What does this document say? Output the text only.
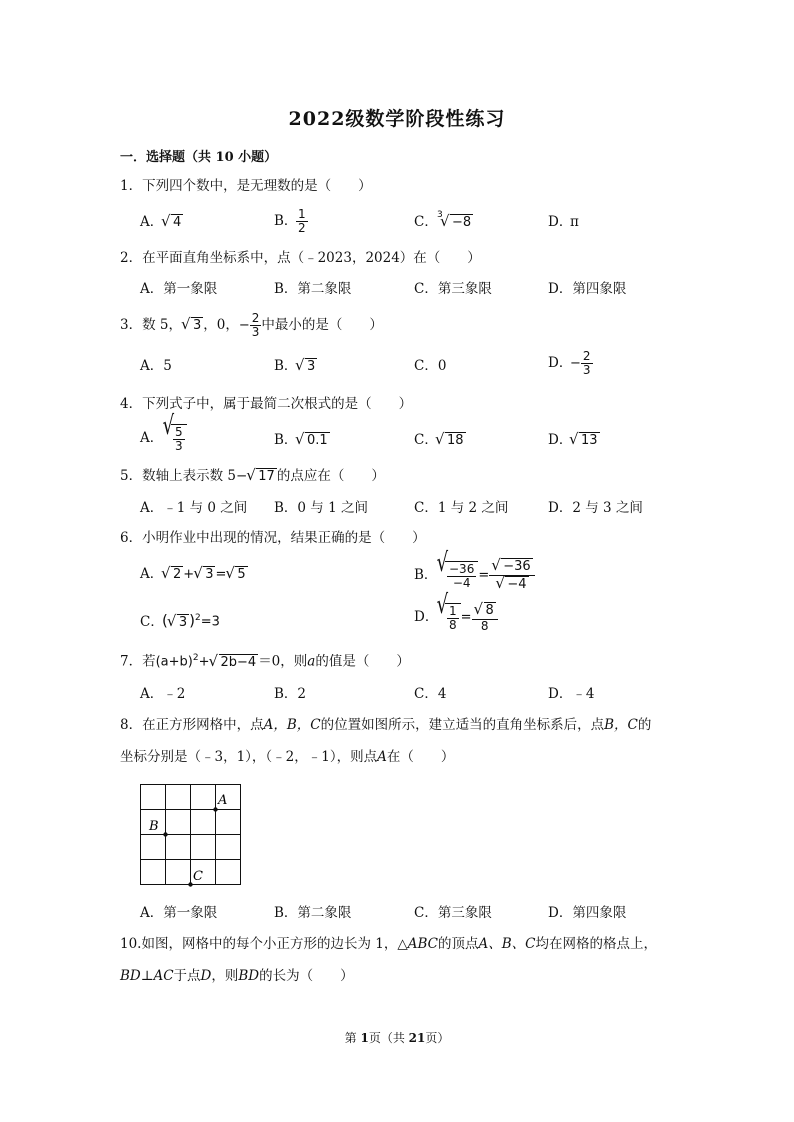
2022级数学阶段性练习
一．选择题（共 10 小题）
1．下列四个数中，是无理数的是（　　）
A．√ 4	B．
$\frac{1}{2}$	C．
√ 3 −8	D．π
2．在平面直角坐标系中，点（﹣2023，2024）在（　　）
A．第一象限	B．第二象限	C．第三象限	D．第四象限
3．数 5，√ 3 ，0，− $\frac{2}{3}$ 中最小的是（　　）
A．5	B．√ 3	C．0	D．− $\frac{2}{3}$
4．下列式子中，属于最简二次根式的是（　　）
A．
√ $\frac{5}{3}$	B．√ 0.1	C．√ 18	D．√ 13
5．数轴上表示数 5−√ 17 的点应在（　　）
A．﹣1 与 0 之间 B．0 与 1 之间	C．1 与 2 之间	D．2 与 3 之间
6．小明作业中出现的情况，结果正确的是（　　）
A．√ 2 +√ 3 =√ 5	B．
√ $\frac{-36}{-4}$ =
√ −36
√ −4
C．(√ 3 )$^2$=3	D．
√ $\frac{1}{8}$ =
√ $\frac{8}{8}$
7．若$(a+b)^2+√$ 2b−4 ＝0，则a的值是（　　）
A．﹣2	B．2	C．4	D．﹣4
8．在正方形网格中，点A，B，C的位置如图所示，建立适当的直角坐标系后，点B，C的
坐标分别是（﹣3，1），（﹣2，﹣1），则点A在（　　）
A
B
C
A．第一象限	B．第二象限	C．第三象限	D．第四象限
10.如图，网格中的每个小正方形的边长为 1，△ABC的顶点A、B、C均在网格的格点上，
BD⊥AC于点D，则BD的长为（　　）
第 1页（共 21页）
